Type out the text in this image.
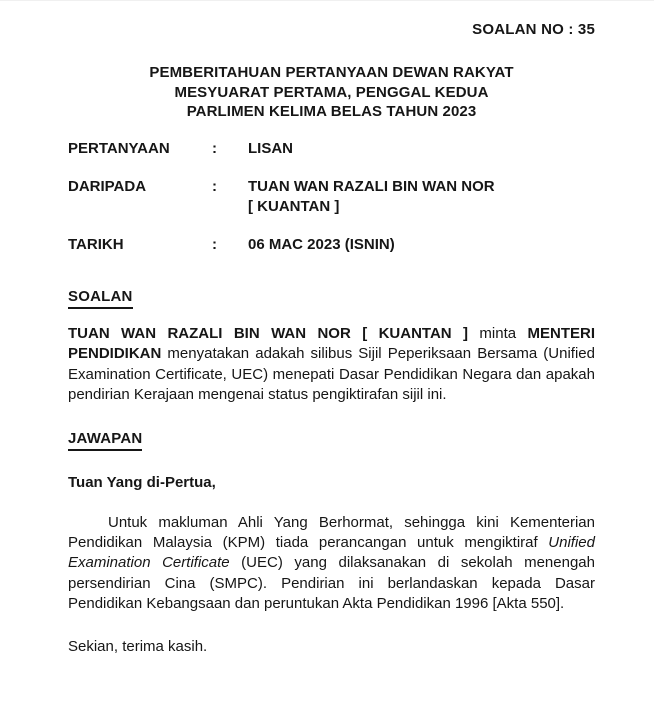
SOALAN NO : 35
PEMBERITAHUAN PERTANYAAN DEWAN RAKYAT
MESYUARAT PERTAMA, PENGGAL KEDUA
PARLIMEN KELIMA BELAS TAHUN 2023
PERTANYAAN	:	LISAN
DARIPADA	:	TUAN WAN RAZALI BIN WAN NOR
[ KUANTAN ]
TARIKH	:	06 MAC 2023 (ISNIN)
SOALAN

TUAN WAN RAZALI BIN WAN NOR [ KUANTAN ] minta MENTERI PENDIDIKAN menyatakan adakah silibus Sijil Peperiksaan Bersama (Unified Examination Certificate, UEC) menepati Dasar Pendidikan Negara dan apakah pendirian Kerajaan mengenai status pengiktirafan sijil ini.

JAWAPAN
Tuan Yang di-Pertua,

Untuk makluman Ahli Yang Berhormat, sehingga kini Kementerian Pendidikan Malaysia (KPM) tiada perancangan untuk mengiktiraf Unified Examination Certificate (UEC) yang dilaksanakan di sekolah menengah persendirian Cina (SMPC). Pendirian ini berlandaskan kepada Dasar Pendidikan Kebangsaan dan peruntukan Akta Pendidikan 1996 [Akta 550].

Sekian, terima kasih.
